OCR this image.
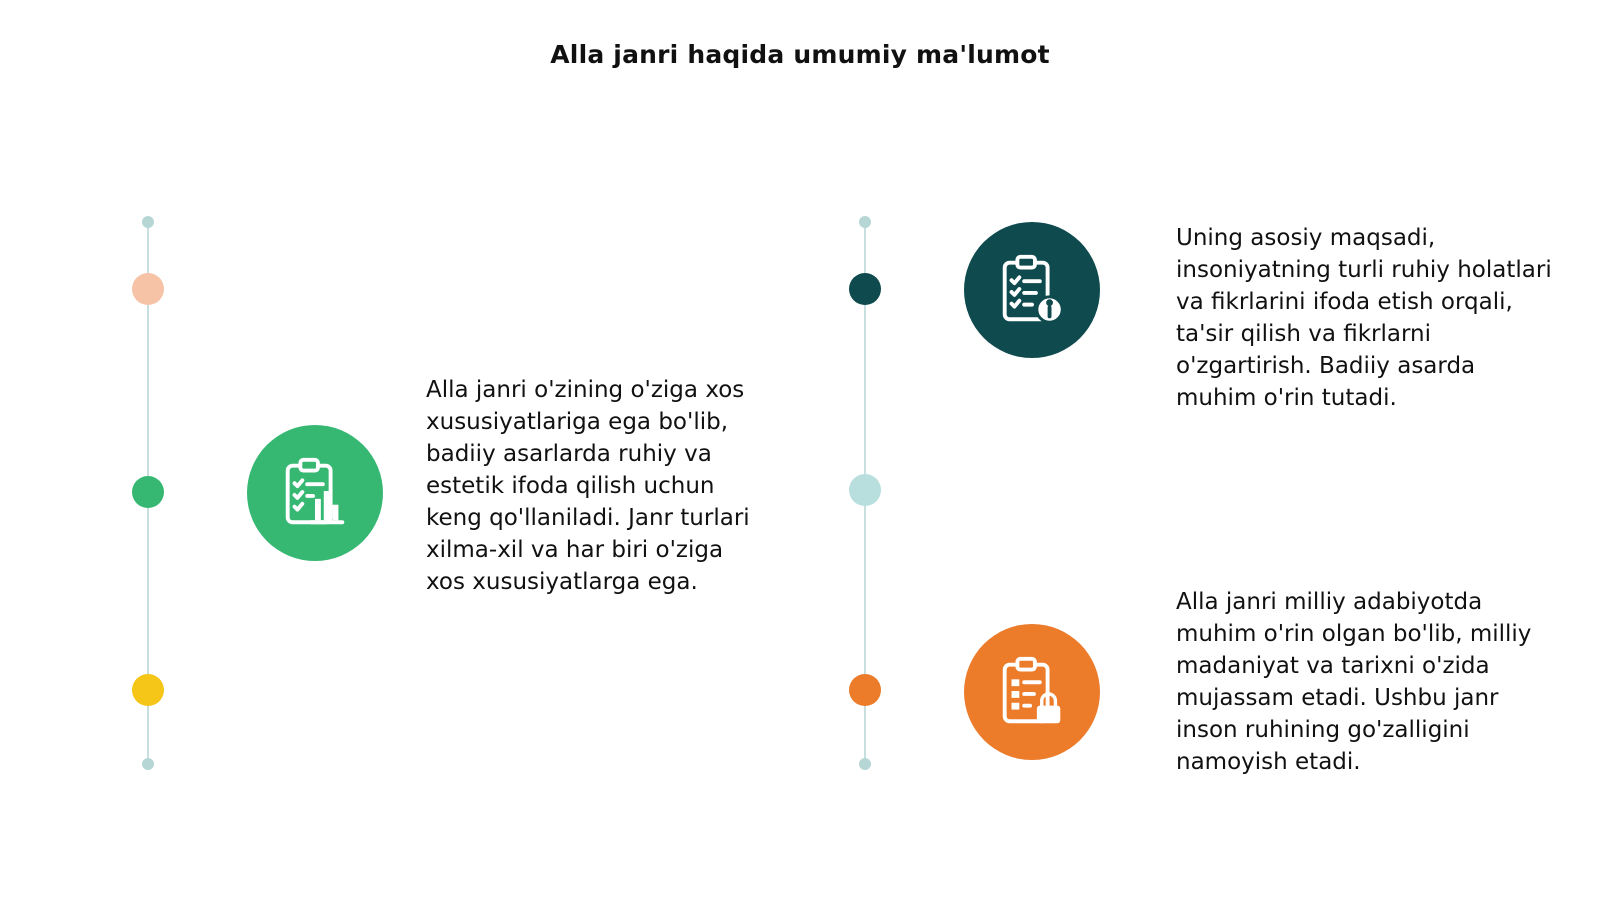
Alla janri haqida umumiy ma'lumot
Alla janri o'zining o'ziga xos xususiyatlariga ega bo'lib, badiiy asarlarda ruhiy va estetik ifoda qilish uchun keng qo'llaniladi. Janr turlari xilma-xil va har biri o'ziga xos xususiyatlarga ega.
Uning asosiy maqsadi, insoniyatning turli ruhiy holatlari va fikrlarini ifoda etish orqali, ta'sir qilish va fikrlarni o'zgartirish. Badiiy asarda muhim o'rin tutadi.
Alla janri milliy adabiyotda muhim o'rin olgan bo'lib, milliy madaniyat va tarixni o'zida mujassam etadi. Ushbu janr inson ruhining go'zalligini namoyish etadi.
